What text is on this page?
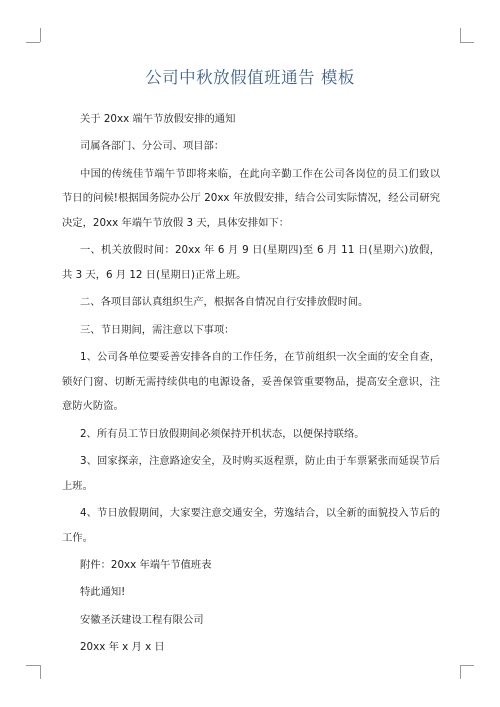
公司中秋放假值班通告 模板

关于 20xx 端午节放假安排的通知

司属各部门、分公司、项目部：

中国的传统佳节端午节即将来临，在此向辛勤工作在公司各岗位的员工们致以节日的问候!根据国务院办公厅 20xx 年放假安排，结合公司实际情况，经公司研究决定，20xx 年端午节放假 3 天，具体安排如下：

一、机关放假时间：20xx 年 6 月 9 日(星期四)至 6 月 11 日(星期六)放假，共 3 天，6 月 12 日(星期日)正常上班。

二、各项目部认真组织生产，根据各自情况自行安排放假时间。

三、节日期间，需注意以下事项：

1、公司各单位要妥善安排各自的工作任务，在节前组织一次全面的安全自查，锁好门窗、切断无需持续供电的电源设备，妥善保管重要物品，提高安全意识，注意防火防盗。

2、所有员工节日放假期间必须保持开机状态，以便保持联络。

3、回家探亲，注意路途安全，及时购买返程票，防止由于车票紧张而延误节后上班。

4、节日放假期间，大家要注意交通安全，劳逸结合，以全新的面貌投入节后的工作。

附件：20xx 年端午节值班表

特此通知!

安徽圣沃建设工程有限公司

20xx 年 x 月 x 日
